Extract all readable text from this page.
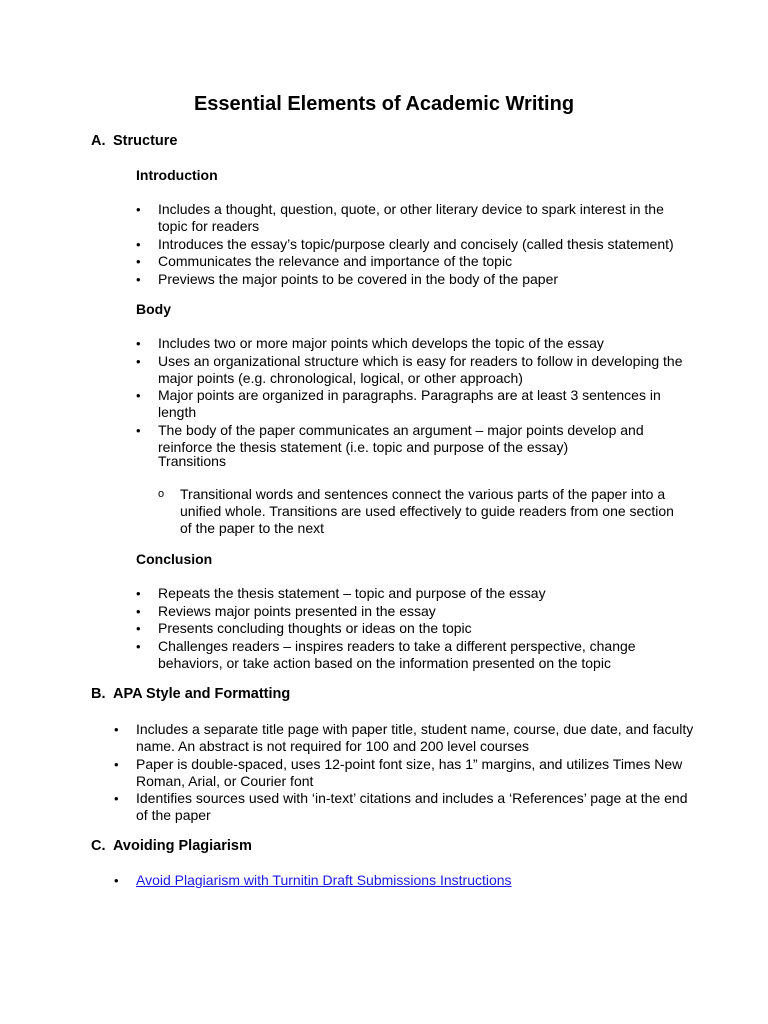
Essential Elements of Academic Writing
A. Structure
Introduction
•	Includes a thought, question, quote, or other literary device to spark interest in the topic for readers
•	Introduces the essay’s topic/purpose clearly and concisely (called thesis statement)
•	Communicates the relevance and importance of the topic
•	Previews the major points to be covered in the body of the paper
Body
•	Includes two or more major points which develops the topic of the essay
•	Uses an organizational structure which is easy for readers to follow in developing the major points (e.g. chronological, logical, or other approach)
•	Major points are organized in paragraphs. Paragraphs are at least 3 sentences in length
•	The body of the paper communicates an argument – major points develop and reinforce the thesis statement (i.e. topic and purpose of the essay)
Transitions
o	Transitional words and sentences connect the various parts of the paper into a unified whole. Transitions are used effectively to guide readers from one section of the paper to the next
Conclusion
•	Repeats the thesis statement – topic and purpose of the essay
•	Reviews major points presented in the essay
•	Presents concluding thoughts or ideas on the topic
•	Challenges readers – inspires readers to take a different perspective, change behaviors, or take action based on the information presented on the topic
B. APA Style and Formatting
•	Includes a separate title page with paper title, student name, course, due date, and faculty name. An abstract is not required for 100 and 200 level courses
•	Paper is double-spaced, uses 12-point font size, has 1” margins, and utilizes Times New Roman, Arial, or Courier font
•	Identifies sources used with ‘in-text’ citations and includes a ‘References’ page at the end of the paper
C. Avoiding Plagiarism
•	Avoid Plagiarism with Turnitin Draft Submissions Instructions
